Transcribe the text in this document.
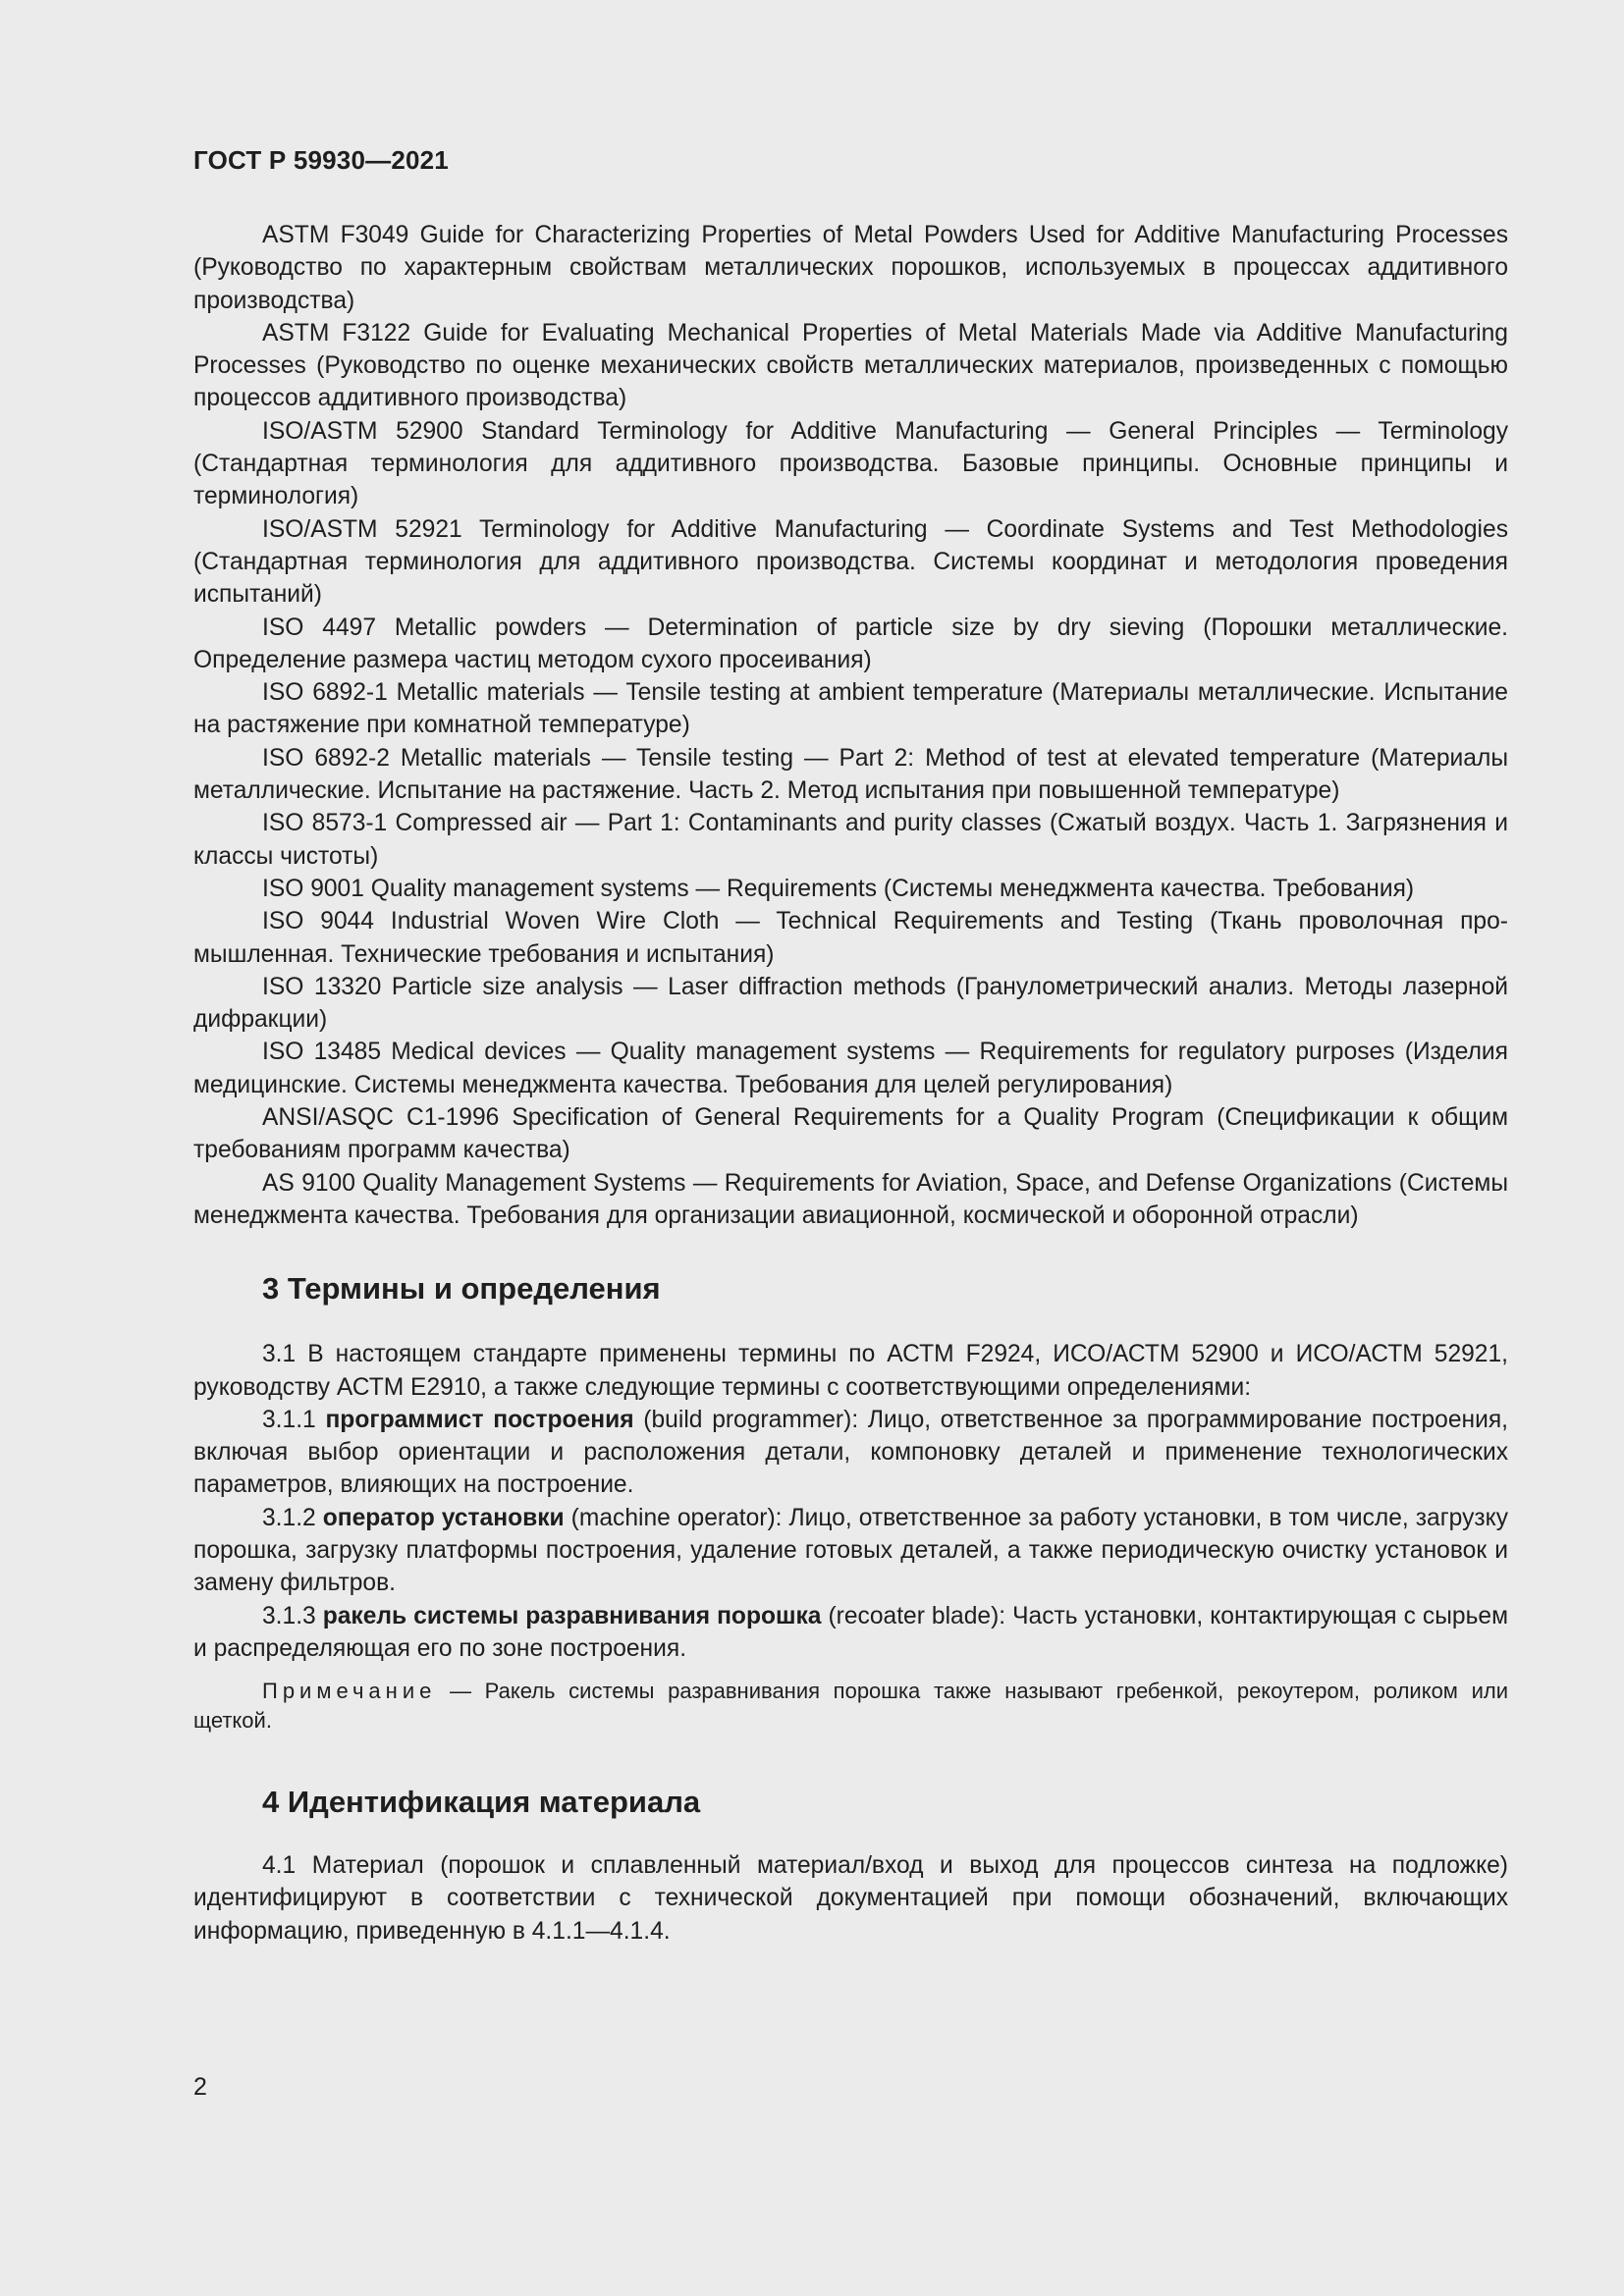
ГОСТ Р 59930—2021

ASTM F3049 Guide for Characterizing Properties of Metal Powders Used for Additive Manufacturing Processes (Руководство по характерным свойствам металлических порошков, используемых в процессах аддитивного производства)

ASTM F3122 Guide for Evaluating Mechanical Properties of Metal Materials Made via Additive Manufacturing Processes (Руководство по оценке механических свойств металлических материалов, произведенных с помощью процессов аддитивного производства)

ISO/ASTM 52900 Standard Terminology for Additive Manufacturing — General Principles — Terminology (Стандартная терминология для аддитивного производства. Базовые принципы. Основные принципы и терминология)

ISO/ASTM 52921 Terminology for Additive Manufacturing — Coordinate Systems and Test Methodologies (Стандартная терминология для аддитивного производства. Системы координат и методология проведения испытаний)

ISO 4497 Metallic powders — Determination of particle size by dry sieving (Порошки металлические. Определение размера частиц методом сухого просеивания)

ISO 6892-1 Metallic materials — Tensile testing at ambient temperature (Материалы металлические. Испытание на растяжение при комнатной температуре)

ISO 6892-2 Metallic materials — Tensile testing — Part 2: Method of test at elevated temperature (Материалы металлические. Испытание на растяжение. Часть 2. Метод испытания при повышенной температуре)

ISO 8573-1 Compressed air — Part 1: Contaminants and purity classes (Сжатый воздух. Часть 1. Загрязнения и классы чистоты)

ISO 9001 Quality management systems — Requirements (Системы менеджмента качества. Требования)

ISO 9044 Industrial Woven Wire Cloth — Technical Requirements and Testing (Ткань проволочная промышленная. Технические требования и испытания)

ISO 13320 Particle size analysis — Laser diffraction methods (Гранулометрический анализ. Методы лазерной дифракции)

ISO 13485 Medical devices — Quality management systems — Requirements for regulatory purposes (Изделия медицинские. Системы менеджмента качества. Требования для целей регулирования)

ANSI/ASQC C1-1996 Specification of General Requirements for a Quality Program (Спецификации к общим требованиям программ качества)

AS 9100 Quality Management Systems — Requirements for Aviation, Space, and Defense Organizations (Системы менеджмента качества. Требования для организации авиационной, космической и оборонной отрасли)

3 Термины и определения

3.1 В настоящем стандарте применены термины по АСТМ F2924, ИСО/АСТМ 52900 и ИСО/АСТМ 52921, руководству АСТМ E2910, а также следующие термины с соответствующими определениями:

3.1.1 программист построения (build programmer): Лицо, ответственное за программирование построения, включая выбор ориентации и расположения детали, компоновку деталей и применение технологических параметров, влияющих на построение.

3.1.2 оператор установки (machine operator): Лицо, ответственное за работу установки, в том числе, загрузку порошка, загрузку платформы построения, удаление готовых деталей, а также периодическую очистку установок и замену фильтров.

3.1.3 ракель системы разравнивания порошка (recoater blade): Часть установки, контактирующая с сырьем и распределяющая его по зоне построения.

Примечание — Ракель системы разравнивания порошка также называют гребенкой, рекоутером, роликом или щеткой.

4 Идентификация материала

4.1 Материал (порошок и сплавленный материал/вход и выход для процессов синтеза на подложке) идентифицируют в соответствии с технической документацией при помощи обозначений, включающих информацию, приведенную в 4.1.1—4.1.4.

2
